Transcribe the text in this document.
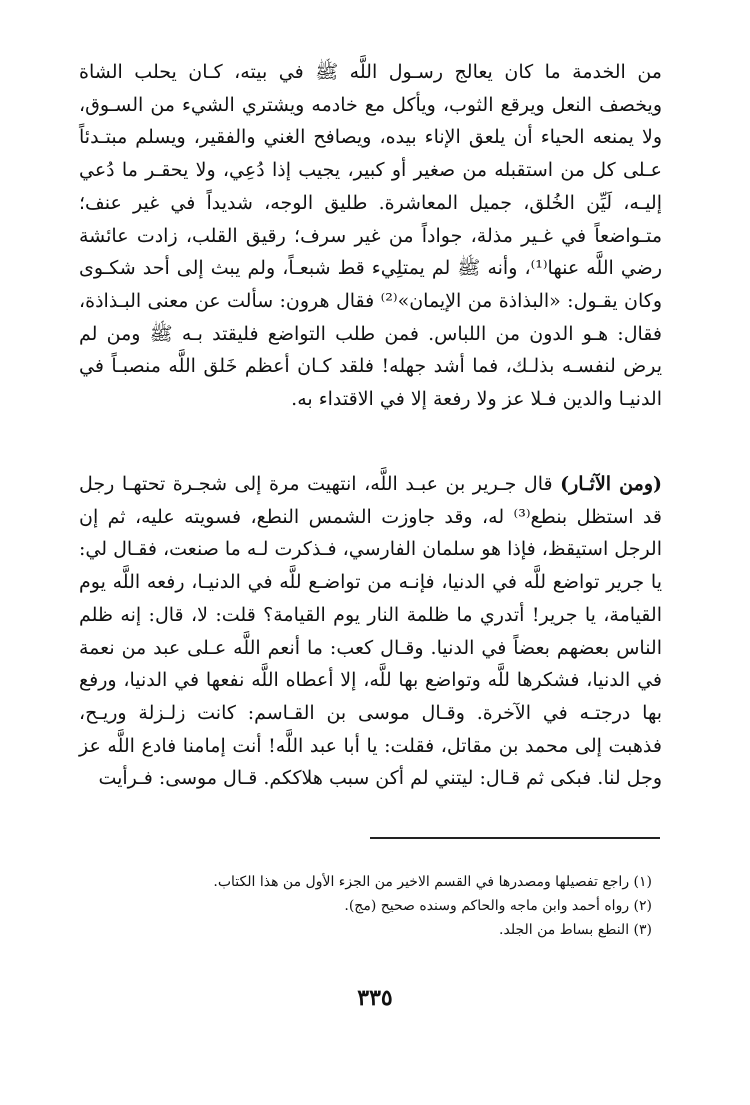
من الخدمة ما كان يعالج رسـول اللَّه ﷺ في بيته، كـان يحلب الشاة ويخصف النعل ويرقع الثوب، ويأكل مع خادمه ويشتري الشيء من السـوق، ولا يمنعه الحياء أن يلعق الإناء بيده، ويصافح الغني والفقير، ويسلم مبتـدئاً عـلى كل من استقبله من صغير أو كبير، يجيب إذا دُعِي، ولا يحقـر ما دُعي إليـه، لَيِّن الخُلق، جميل المعاشرة. طليق الوجه، شديداً في غير عنف؛ متـواضعاً في غـير مذلة، جواداً من غير سرف؛ رقيق القلب، زادت عائشة رضي اللَّه عنها⁽¹⁾، وأنه ﷺ لم يمتلِيء قط شبعـاً، ولم يبث إلى أحد شكـوى وكان يقـول: «البذاذة من الإيمان»⁽²⁾ فقال هرون: سألت عن معنى البـذاذة، فقال: هـو الدون من اللباس. فمن طلب التواضع فليقتد بـه ﷺ ومن لم يرض لنفسـه بذلـك، فما أشد جهله! فلقد كـان أعظم خَلق اللَّه منصبـاً في الدنيـا والدين فـلا عز ولا رفعة إلا في الاقتداء به.

(ومن الآثـار) قال جـرير بن عبـد اللَّه، انتهيت مرة إلى شجـرة تحتهـا رجل قد استظل بنطع⁽³⁾ له، وقد جاوزت الشمس النطع، فسويته عليه، ثم إن الرجل استيقظ، فإذا هو سلمان الفارسي، فـذكرت لـه ما صنعت، فقـال لي: يا جرير تواضع للَّه في الدنيا، فإنـه من تواضـع للَّه في الدنيـا، رفعه اللَّه يوم القيامة، يا جرير! أتدري ما ظلمة النار يوم القيامة؟ قلت: لا، قال: إنه ظلم الناس بعضهم بعضاً في الدنيا. وقـال كعب: ما أنعم اللَّه عـلى عبد من نعمة في الدنيا، فشكرها للَّه وتواضع بها للَّه، إلا أعطاه اللَّه نفعها في الدنيا، ورفع بها درجتـه في الآخرة. وقـال موسى بن القـاسم: كانت زلـزلة وريـح، فذهبت إلى محمد بن مقاتل، فقلت: يا أبا عبد اللَّه! أنت إمامنا فادع اللَّه عز وجل لنا. فبكى ثم قـال: ليتني لم أكن سبب هلاككم. قـال موسى: فـرأيت

(١) راجع تفصيلها ومصدرها في القسم الاخير من الجزء الأول من هذا الكتاب.
(٢) رواه أحمد وابن ماجه والحاكم وسنده صحيح (مج).
(٣) النطع بساط من الجلد.
٣٣٥
